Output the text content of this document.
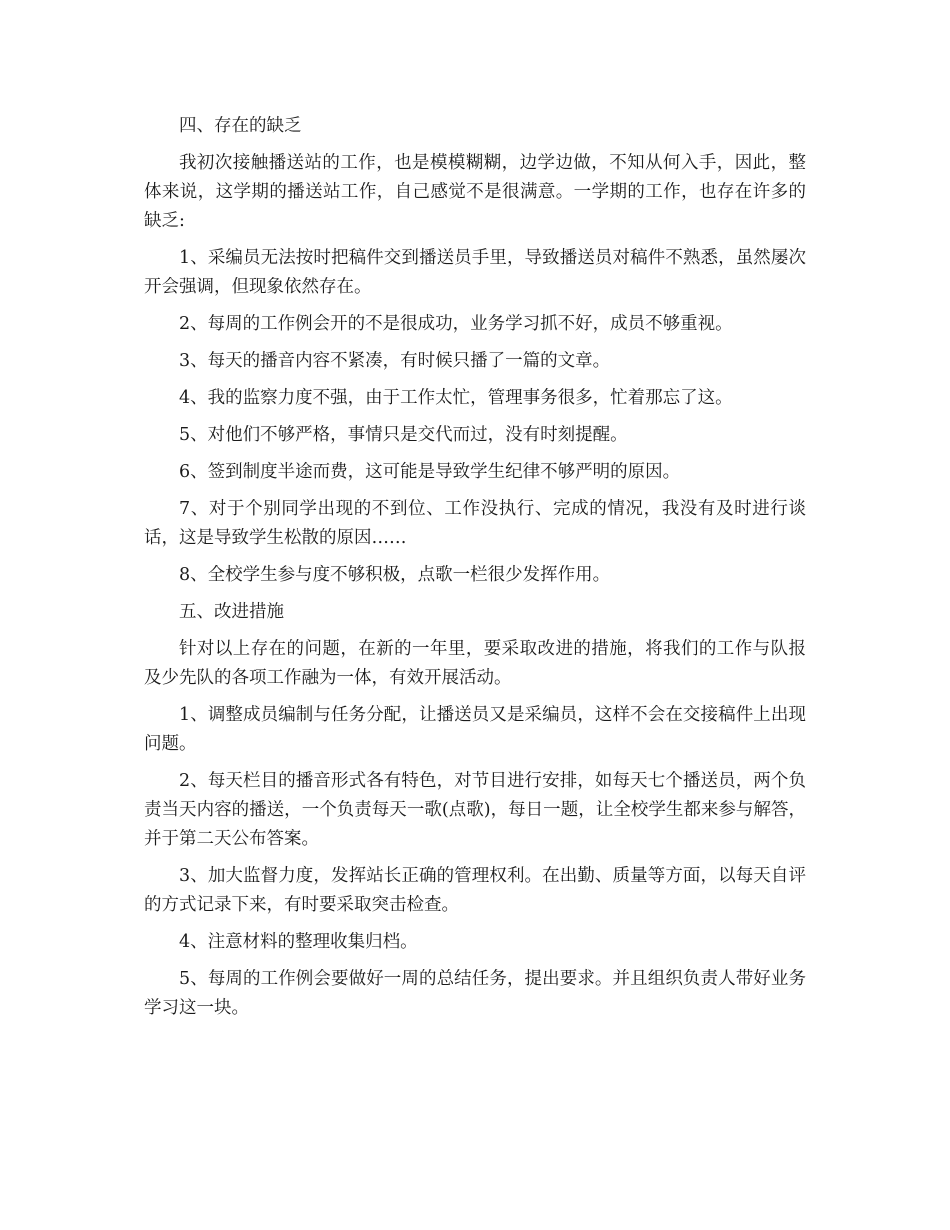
四、存在的缺乏

我初次接触播送站的工作，也是模模糊糊，边学边做，不知从何入手，因此，整体来说，这学期的播送站工作，自己感觉不是很满意。一学期的工作，也存在许多的缺乏:

1、采编员无法按时把稿件交到播送员手里，导致播送员对稿件不熟悉，虽然屡次开会强调，但现象依然存在。

2、每周的工作例会开的不是很成功，业务学习抓不好，成员不够重视。

3、每天的播音内容不紧凑，有时候只播了一篇的文章。

4、我的监察力度不强，由于工作太忙，管理事务很多，忙着那忘了这。

5、对他们不够严格，事情只是交代而过，没有时刻提醒。

6、签到制度半途而费，这可能是导致学生纪律不够严明的原因。

7、对于个别同学出现的不到位、工作没执行、完成的情况，我没有及时进行谈话，这是导致学生松散的原因……

8、全校学生参与度不够积极，点歌一栏很少发挥作用。

五、改进措施

针对以上存在的问题，在新的一年里，要采取改进的措施，将我们的工作与队报及少先队的各项工作融为一体，有效开展活动。

1、调整成员编制与任务分配，让播送员又是采编员，这样不会在交接稿件上出现问题。

2、每天栏目的播音形式各有特色，对节目进行安排，如每天七个播送员，两个负责当天内容的播送，一个负责每天一歌(点歌)，每日一题，让全校学生都来参与解答，并于第二天公布答案。

3、加大监督力度，发挥站长正确的管理权利。在出勤、质量等方面，以每天自评的方式记录下来，有时要采取突击检查。

4、注意材料的整理收集归档。

5、每周的工作例会要做好一周的总结任务，提出要求。并且组织负责人带好业务学习这一块。
